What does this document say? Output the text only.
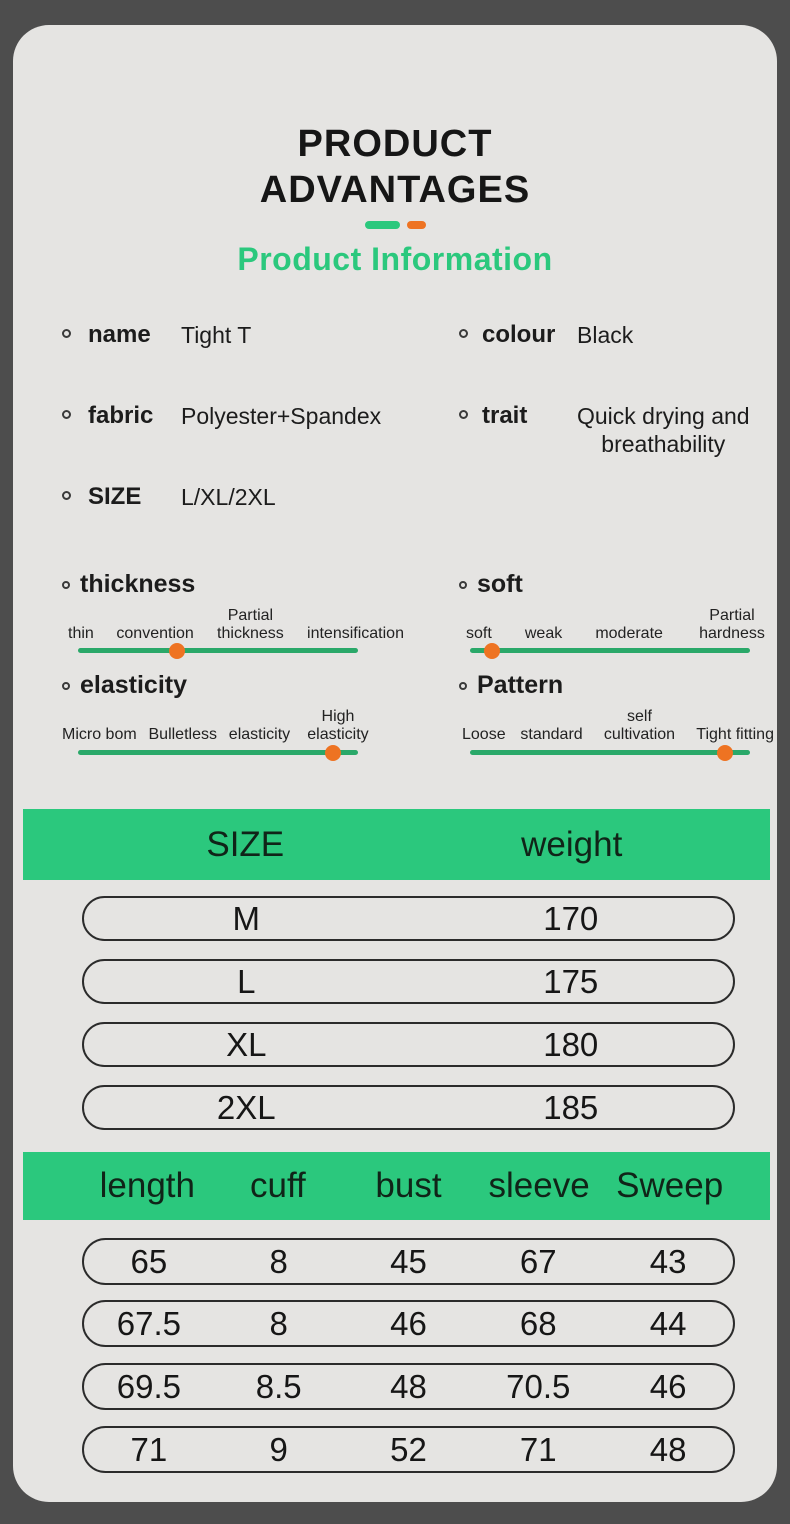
PRODUCT
ADVANTAGES
Product Information
name	Tight T	colour Black
fabric	Polyester+Spandex	trait	Quick drying and
breathability
SIZE	L/XL/2XL
thickness
thin convention
Partial thickness intensification
soft
soft weak moderate
Partial hardness
elasticity
Micro bom Bulletless elasticity
High elasticity
Pattern
Loose standard
self cultivation	Tight fitting
SIZE	weight
M	170
L	175
XL	180
2XL	185
length	cuff	bust	sleeve Sweep
65	8	45	67	43
67.5	8	46	68	44
69.5	8.5	48	70.5	46
71	9	52	71	48
